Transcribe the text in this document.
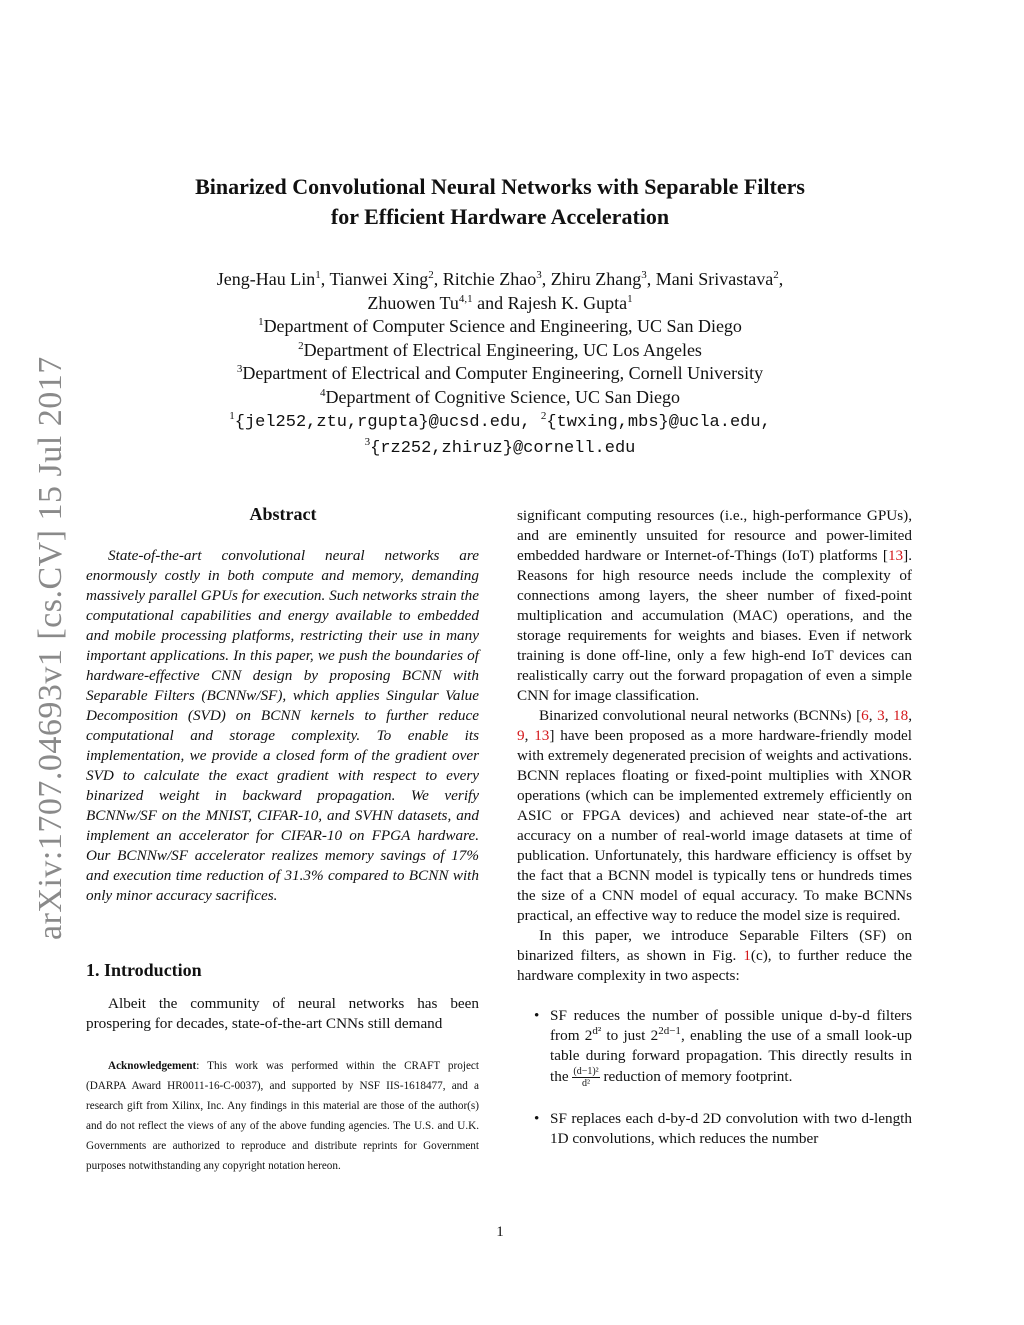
arXiv:1707.04693v1 [cs.CV] 15 Jul 2017
Binarized Convolutional Neural Networks with Separable Filters
for Efficient Hardware Acceleration
Jeng-Hau Lin$^1$, Tianwei Xing$^2$, Ritchie Zhao$^3$, Zhiru Zhang$^3$, Mani Srivastava$^2$,
Zhuowen Tu$^{4,1}$ and Rajesh K. Gupta$^1$
$^1$Department of Computer Science and Engineering, UC San Diego
$^2$Department of Electrical Engineering, UC Los Angeles
$^3$Department of Electrical and Computer Engineering, Cornell University
$^4$Department of Cognitive Science, UC San Diego
$^1${jel252,ztu,rgupta}@ucsd.edu, $^2${twxing,mbs}@ucla.edu,
$^3${rz252,zhiruz}@cornell.edu
Abstract

State-of-the-art convolutional neural networks are enormously costly in both compute and memory, demanding massively parallel GPUs for execution. Such networks strain the computational capabilities and energy available to embedded and mobile processing platforms, restricting their use in many important applications. In this paper, we push the boundaries of hardware-effective CNN design by proposing BCNN with Separable Filters (BCNNw/SF), which applies Singular Value Decomposition (SVD) on BCNN kernels to further reduce computational and storage complexity. To enable its implementation, we provide a closed form of the gradient over SVD to calculate the exact gradient with respect to every binarized weight in backward propagation. We verify BCNNw/SF on the MNIST, CIFAR-10, and SVHN datasets, and implement an accelerator for CIFAR-10 on FPGA hardware. Our BCNNw/SF accelerator realizes memory savings of 17% and execution time reduction of 31.3% compared to BCNN with only minor accuracy sacrifices.

1. Introduction

Albeit the community of neural networks has been prospering for decades, state-of-the-art CNNs still demand

Acknowledgement: This work was performed within the CRAFT project (DARPA Award HR0011-16-C-0037), and supported by NSF IIS-1618477, and a research gift from Xilinx, Inc. Any findings in this material are those of the author(s) and do not reflect the views of any of the above funding agencies. The U.S. and U.K. Governments are authorized to reproduce and distribute reprints for Government purposes notwithstanding any copyright notation hereon.

significant computing resources (i.e., high-performance GPUs), and are eminently unsuited for resource and power-limited embedded hardware or Internet-of-Things (IoT) platforms [13]. Reasons for high resource needs include the complexity of connections among layers, the sheer number of fixed-point multiplication and accumulation (MAC) operations, and the storage requirements for weights and biases. Even if network training is done off-line, only a few high-end IoT devices can realistically carry out the forward propagation of even a simple CNN for image classification.

Binarized convolutional neural networks (BCNNs) [6, 3, 18, 9, 13] have been proposed as a more hardware-friendly model with extremely degenerated precision of weights and activations. BCNN replaces floating or fixed-point multiplies with XNOR operations (which can be implemented extremely efficiently on ASIC or FPGA devices) and achieved near state-of-the art accuracy on a number of real-world image datasets at time of publication. Unfortunately, this hardware efficiency is offset by the fact that a BCNN model is typically tens or hundreds times the size of a CNN model of equal accuracy. To make BCNNs practical, an effective way to reduce the model size is required.

In this paper, we introduce Separable Filters (SF) on binarized filters, as shown in Fig. 1(c), to further reduce the hardware complexity in two aspects:

• SF reduces the number of possible unique d-by-d filters from $2^{d^2}$ to just $2^{2d-1}$, enabling the use of a small look-up table during forward propagation. This directly results in the $\frac{\text{(d−1)²}}{\text{d²}}$ reduction of memory footprint.
• SF replaces each d-by-d 2D convolution with two d-length 1D convolutions, which reduces the number
1
